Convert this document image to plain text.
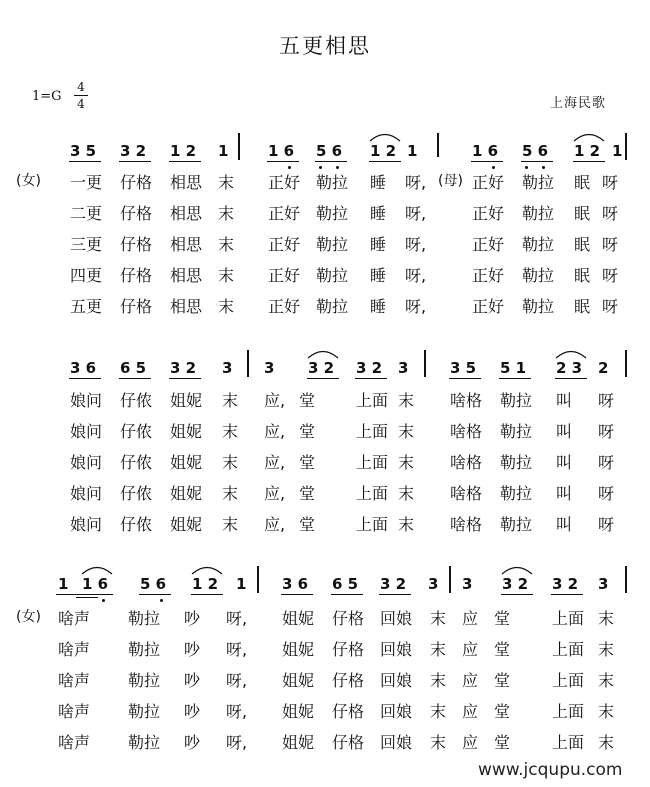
五更相思
1=G
4
4	上海民歌
3 5 3 2 1 2 1	1 6 5 6 1 2 1	1 6 5 6 1 2 1
(女) 一更 仔格 相思 末 正好 勒拉 睡 呀, (母) 正好 勒拉 眠 呀
二更 仔格 相思 末 正好 勒拉 睡 呀,	正好 勒拉 眠 呀
三更 仔格 相思 末 正好 勒拉 睡 呀,	正好 勒拉 眠 呀
四更 仔格 相思 末 正好 勒拉 睡 呀,	正好 勒拉 眠 呀
五更 仔格 相思 末 正好 勒拉 睡 呀,	正好 勒拉 眠 呀
3 6 6 5 3 2 3 3 3 2 3 2 3	3 5 5 1 2 3 2
娘问 仔侬 姐妮 末 应, 堂	上面 末 啥格 勒拉 叫 呀
娘问 仔侬 姐妮 末 应, 堂	上面 末 啥格 勒拉 叫 呀
娘问 仔侬 姐妮 末 应, 堂	上面 末 啥格 勒拉 叫 呀
娘问 仔侬 姐妮 末 应, 堂	上面 末 啥格 勒拉 叫 呀
娘问 仔侬 姐妮 末 应, 堂	上面 末 啥格 勒拉 叫 呀
1 1 6 5 6 1 2 1 3 6 6 5 3 2 3 3 3 2 3 2 3
(女) 啥声 勒拉 吵 呀, 姐妮 仔格 回娘 末 应 堂	上面 末
啥声 勒拉 吵 呀, 姐妮 仔格 回娘 末 应 堂	上面 末
啥声 勒拉 吵 呀, 姐妮 仔格 回娘 末 应 堂	上面 末
啥声 勒拉 吵 呀, 姐妮 仔格 回娘 末 应 堂	上面 末
啥声 勒拉 吵 呀, 姐妮 仔格 回娘 末 应 堂	上面 末
www.jcqupu.com
